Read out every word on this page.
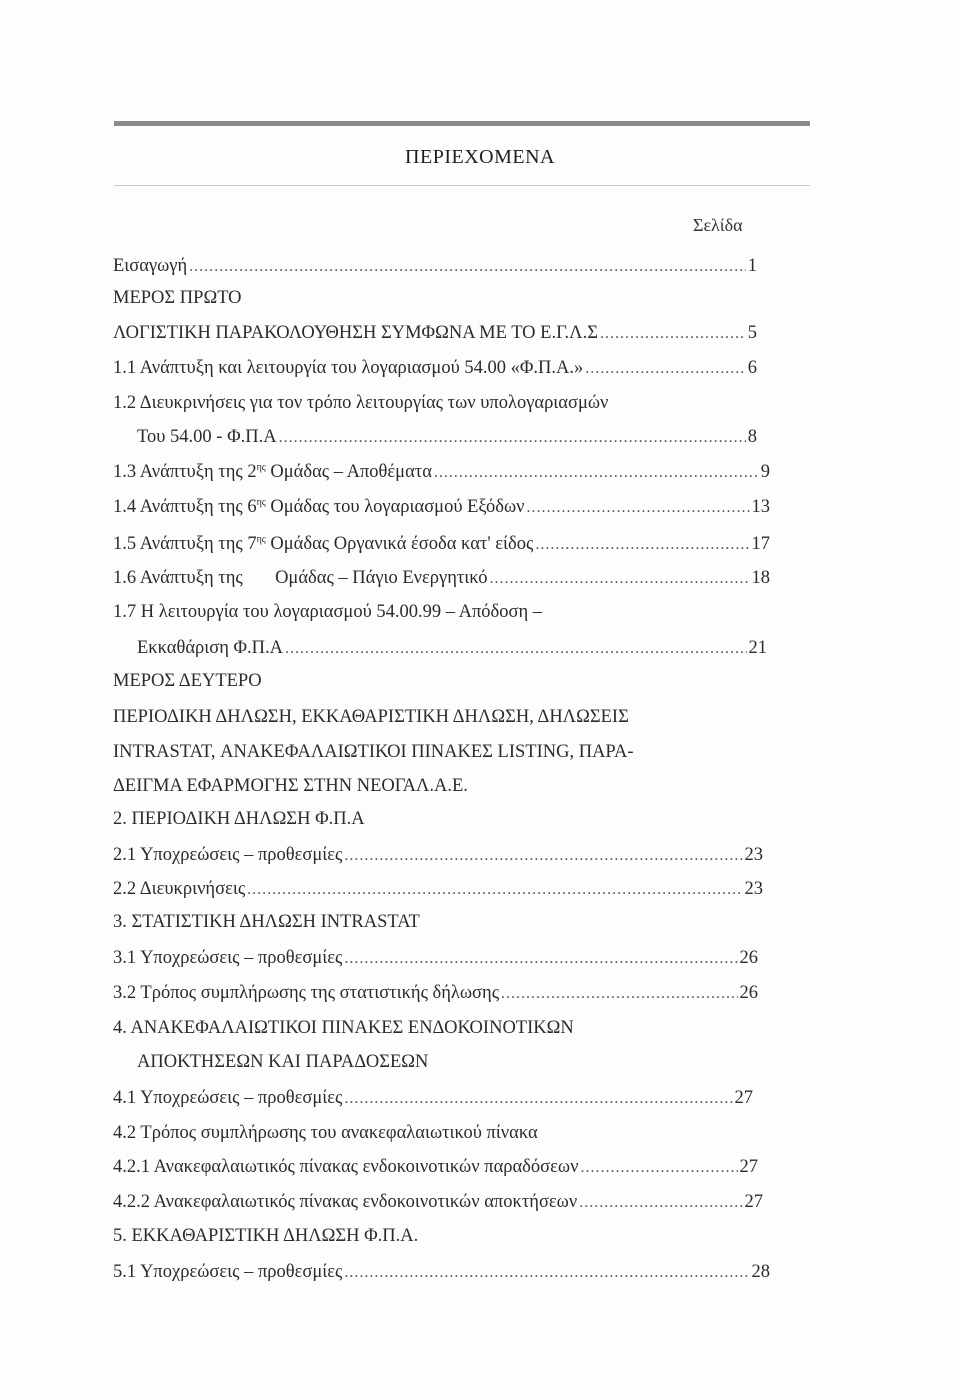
ΠΕΡΙΕΧΟΜΕΝΑ
Σελίδα
Εισαγωγή .....	1
ΜΕΡΟΣ ΠΡΩΤΟ
ΛΟΓΙΣΤΙΚΗ ΠΑΡΑΚΟΛΟΥΘΗΣΗ ΣΥΜΦΩΝΑ ΜΕ ΤΟ Ε.Γ.Λ.Σ .....	5
1.1 Ανάπτυξη και λειτουργία του λογαριασμού 54.00 «Φ.Π.Α.» .....	6
1.2 Διευκρινήσεις για τον τρόπο λειτουργίας των υπολογαριασμών
Του 54.00 - Φ.Π.Α .....	8
1.3 Ανάπτυξη της $2^{\eta\varsigma}$ Ομάδας – Αποθέματα .....	9
1.4 Ανάπτυξη της $6^{\eta\varsigma}$ Ομάδας του λογαριασμού Εξόδων .....	13
1.5 Ανάπτυξη της $7^{\eta\varsigma}$ Ομάδας Οργανικά έσοδα κατ' είδος .....	17
1.6 Ανάπτυξη της       Ομάδας – Πάγιο Ενεργητικό .....	18
1.7 Η λειτουργία του λογαριασμού 54.00.99 – Απόδοση –
Εκκαθάριση Φ.Π.Α .....	21
ΜΕΡΟΣ ΔΕΥΤΕΡΟ
ΠΕΡΙΟΔΙΚΗ ΔΗΛΩΣΗ, ΕΚΚΑΘΑΡΙΣΤΙΚΗ ΔΗΛΩΣΗ, ΔΗΛΩΣΕΙΣ
INTRASTAT, ΑΝΑΚΕΦΑΛΑΙΩΤΙΚΟΙ ΠΙΝΑΚΕΣ LISTING, ΠΑΡΑ-
ΔΕΙΓΜΑ ΕΦΑΡΜΟΓΗΣ ΣΤΗΝ ΝΕΟΓΑΛ.Α.Ε.
2. ΠΕΡΙΟΔΙΚΗ ΔΗΛΩΣΗ Φ.Π.Α
2.1 Υποχρεώσεις – προθεσμίες .....	23
2.2 Διευκρινήσεις .....	23
3. ΣΤΑΤΙΣΤΙΚΗ ΔΗΛΩΣΗ INTRASTAT
3.1 Υποχρεώσεις – προθεσμίες .....	26
3.2 Τρόπος συμπλήρωσης της στατιστικής δήλωσης .....	26
4. ΑΝΑΚΕΦΑΛΑΙΩΤΙΚΟΙ ΠΙΝΑΚΕΣ ΕΝΔΟΚΟΙΝΟΤΙΚΩΝ
ΑΠΟΚΤΗΣΕΩΝ ΚΑΙ ΠΑΡΑΔΟΣΕΩΝ
4.1 Υποχρεώσεις – προθεσμίες .....	27
4.2 Τρόπος συμπλήρωσης του ανακεφαλαιωτικού πίνακα
4.2.1 Ανακεφαλαιωτικός πίνακας ενδοκοινοτικών παραδόσεων .....	27
4.2.2 Ανακεφαλαιωτικός πίνακας ενδοκοινοτικών αποκτήσεων .....	27
5. ΕΚΚΑΘΑΡΙΣΤΙΚΗ ΔΗΛΩΣΗ Φ.Π.Α.
5.1 Υποχρεώσεις – προθεσμίες .....	28
